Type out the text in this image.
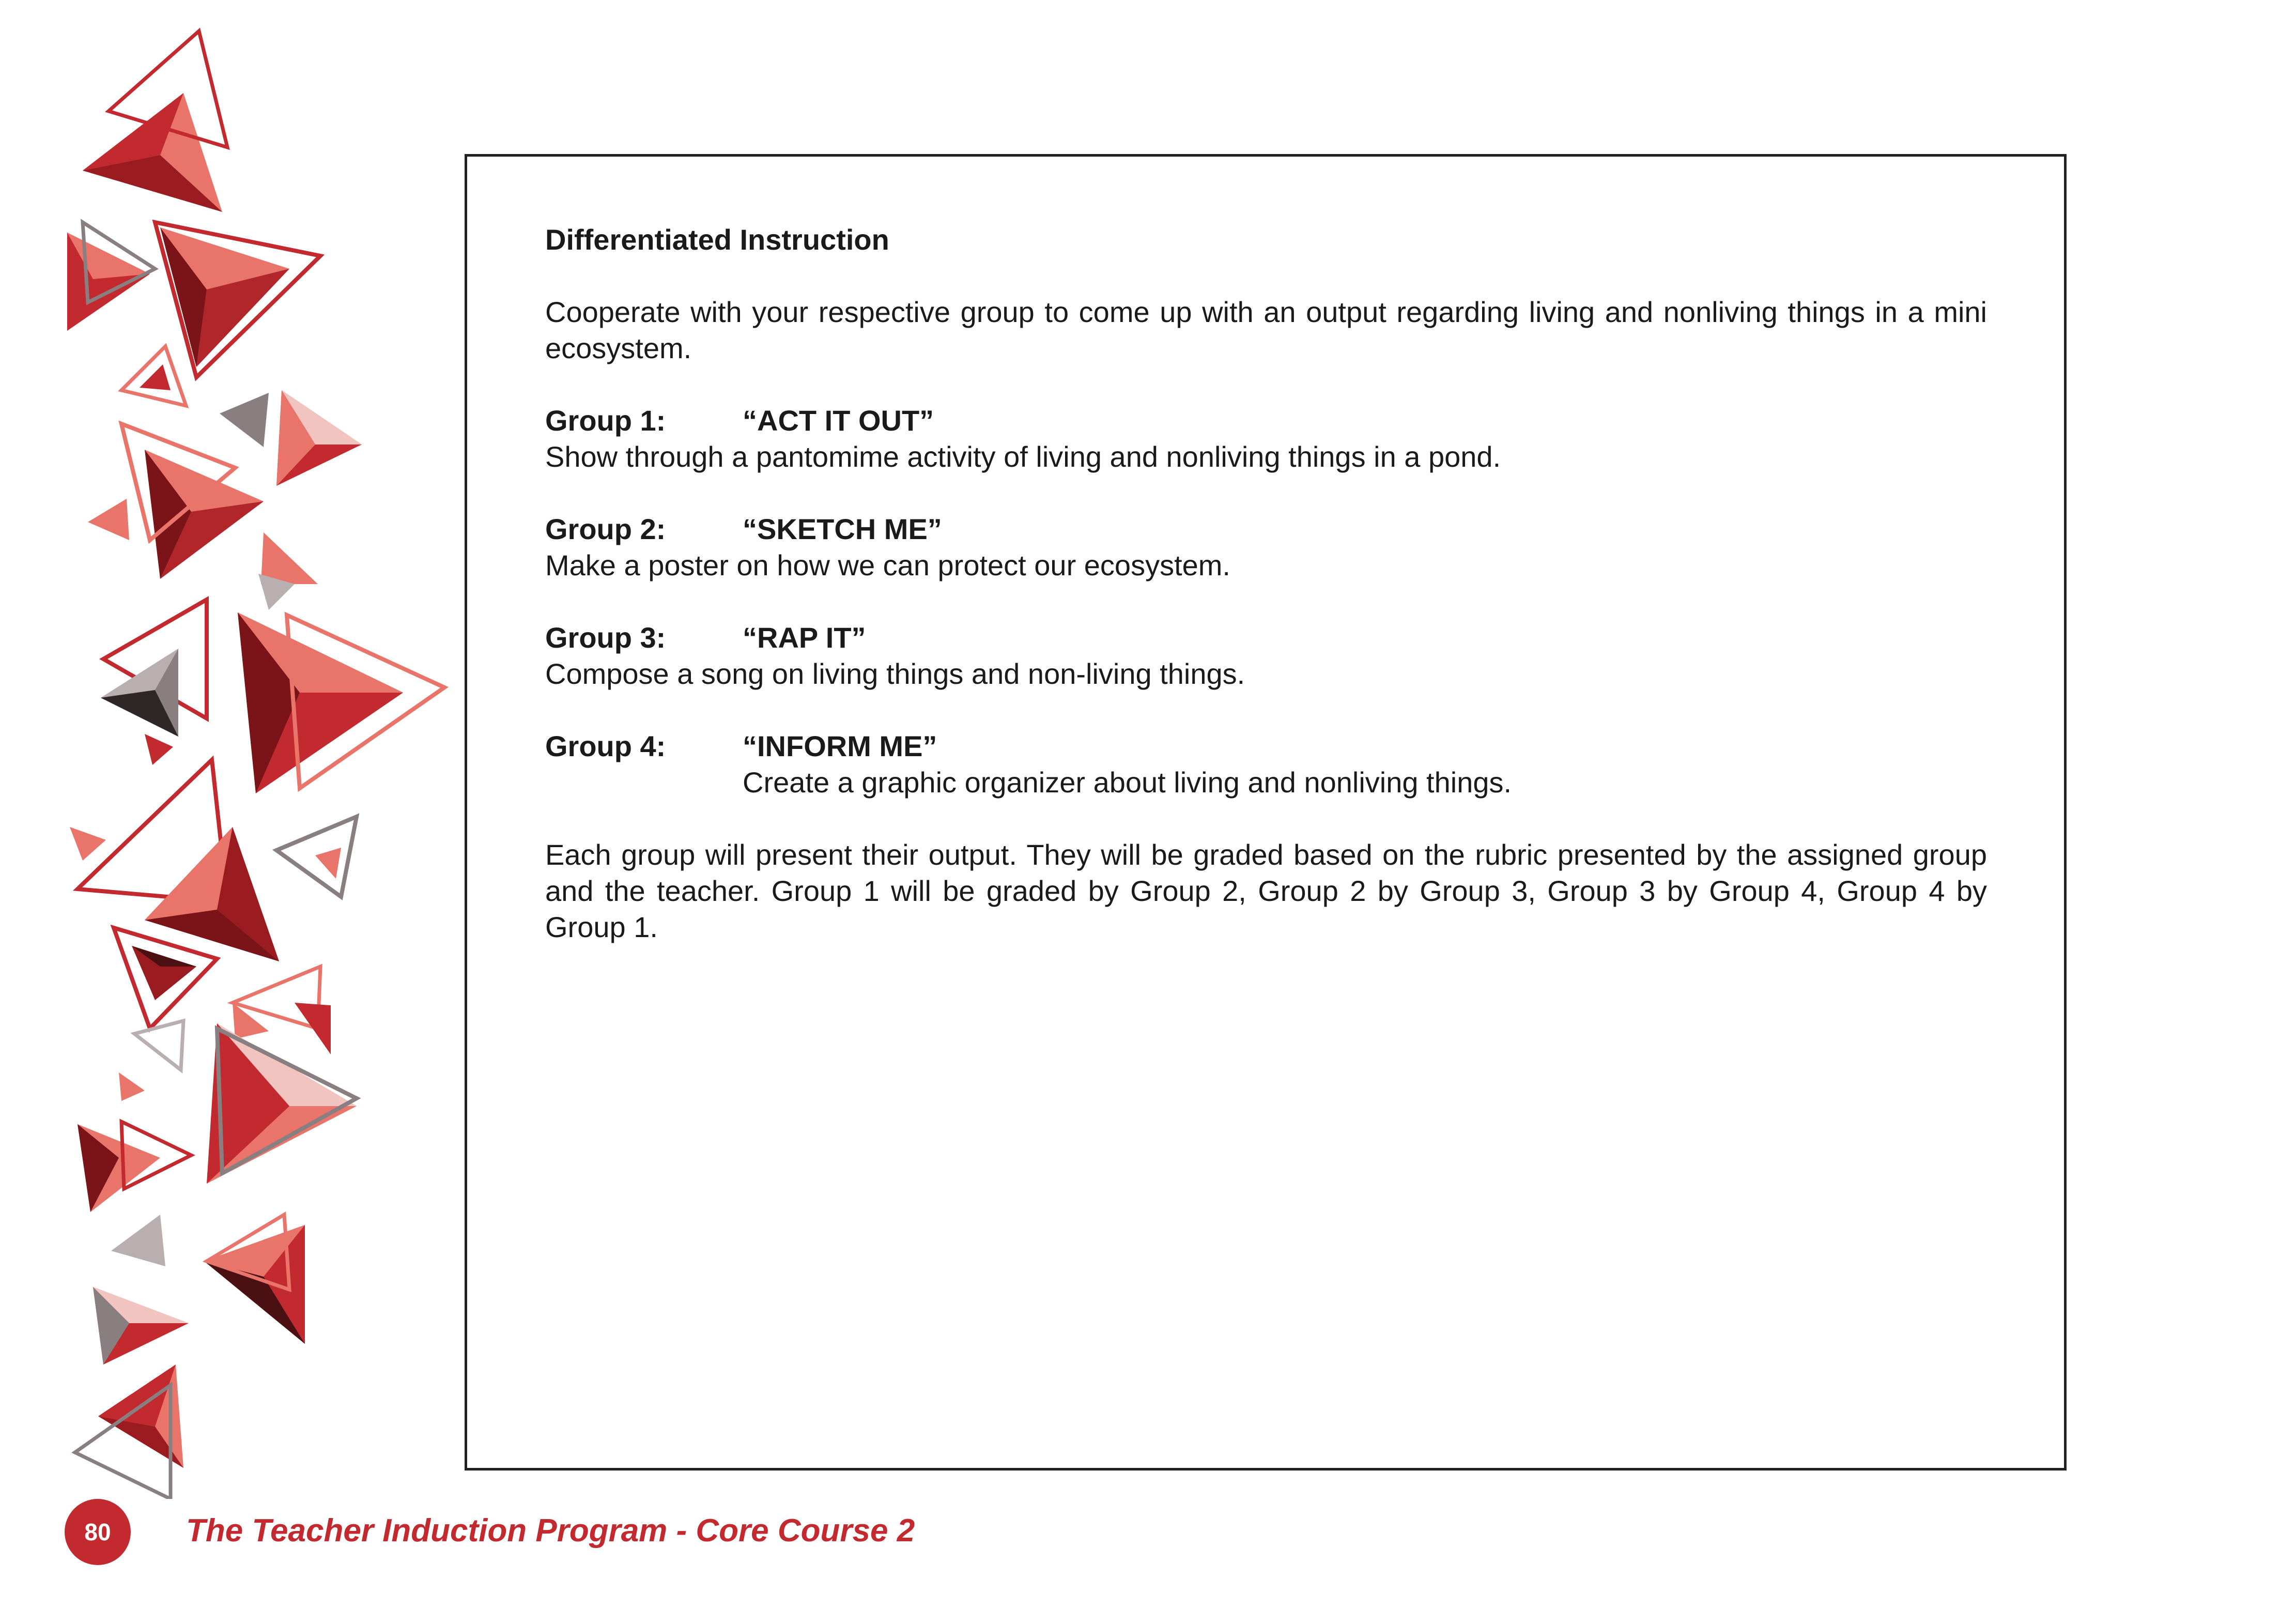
Differentiated Instruction
Cooperate with your respective group to come up with an output regarding living and nonliving things in a mini ecosystem.
Group 1:	“ACT IT OUT”
Show through a pantomime activity of living and nonliving things in a pond.
Group 2:	“SKETCH ME”
Make a poster on how we can protect our ecosystem.
Group 3:	“RAP IT”
Compose a song on living things and non-living things.
Group 4:	“INFORM ME”
Create a graphic organizer about living and nonliving things.
Each group will present their output. They will be graded based on the rubric presented by the assigned group and the teacher. Group 1 will be graded by Group 2, Group 2 by Group 3, Group 3 by Group 4, Group 4 by Group 1.
80	The Teacher Induction Program - Core Course 2
